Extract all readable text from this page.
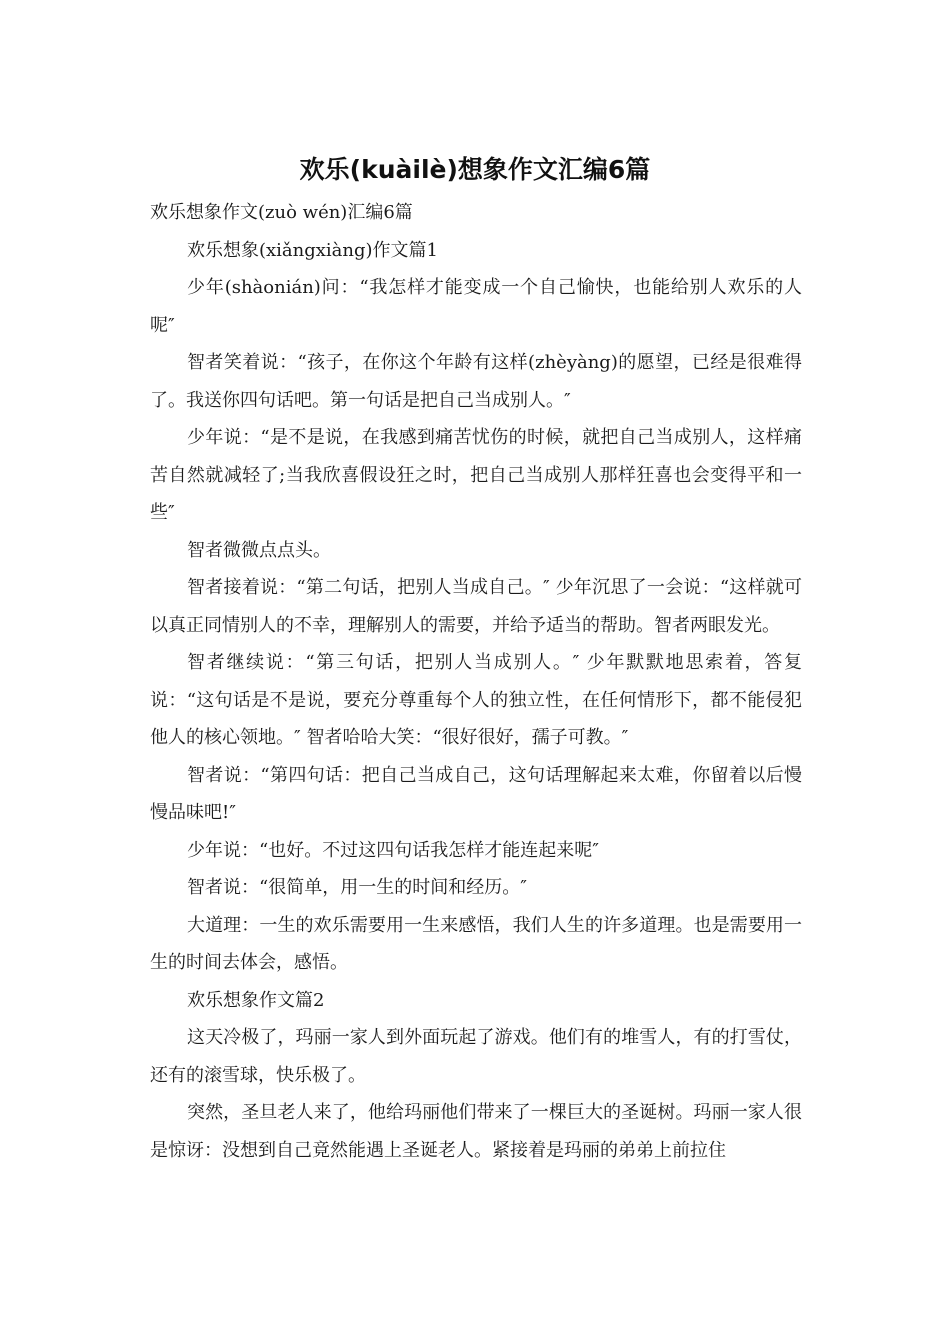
欢乐(kuàilè)想象作文汇编6篇

欢乐想象作文(zuò wén)汇编6篇

欢乐想象(xiǎngxiàng)作文篇1

少年(shàonián)问：“我怎样才能变成一个自己愉快，也能给别人欢乐的人呢″

智者笑着说：“孩子，在你这个年龄有这样(zhèyàng)的愿望，已经是很难得了。我送你四句话吧。第一句话是把自己当成别人。″

少年说：“是不是说，在我感到痛苦忧伤的时候，就把自己当成别人，这样痛苦自然就减轻了;当我欣喜假设狂之时，把自己当成别人那样狂喜也会变得平和一些″

智者微微点点头。

智者接着说：“第二句话，把别人当成自己。″ 少年沉思了一会说：“这样就可以真正同情别人的不幸，理解别人的需要，并给予适当的帮助。智者两眼发光。

智者继续说：“第三句话，把别人当成别人。″ 少年默默地思索着，答复说：“这句话是不是说，要充分尊重每个人的独立性，在任何情形下，都不能侵犯他人的核心领地。″ 智者哈哈大笑：“很好很好，孺子可教。″

智者说：“第四句话：把自己当成自己，这句话理解起来太难，你留着以后慢慢品味吧!″

少年说：“也好。不过这四句话我怎样才能连起来呢″

智者说：“很简单，用一生的时间和经历。″

大道理：一生的欢乐需要用一生来感悟，我们人生的许多道理。也是需要用一生的时间去体会，感悟。

欢乐想象作文篇2

这天冷极了，玛丽一家人到外面玩起了游戏。他们有的堆雪人，有的打雪仗，还有的滚雪球，快乐极了。

突然，圣旦老人来了，他给玛丽他们带来了一棵巨大的圣诞树。玛丽一家人很是惊讶：没想到自己竟然能遇上圣诞老人。紧接着是玛丽的弟弟上前拉住
